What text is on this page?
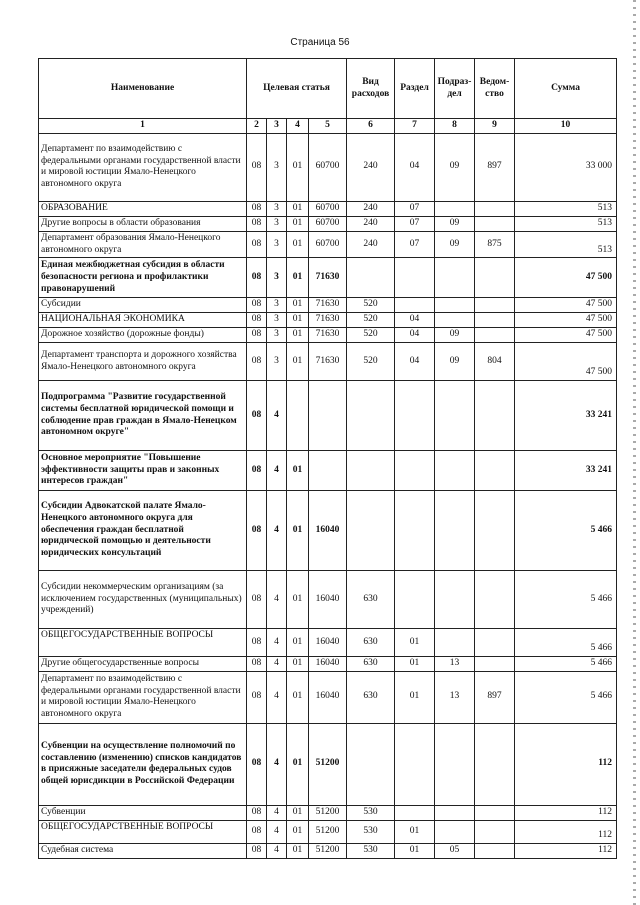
Страница 56
Наименование	Целевая статья				Вид расходов	Раздел	Подраз-дел	Ведом-ство	Сумма
1	2	3	4	5	6	7	8	9	10
Департамент по взаимодействию с федеральными органами государственной власти и мировой юстиции Ямало-Ненецкого автономного округа	08	3	01	60700	240	04	09	897	33 000
ОБРАЗОВАНИЕ	08	3	01	60700	240	07			513
Другие вопросы в области образования	08	3	01	60700	240	07	09		513
Департамент образования Ямало-Ненецкого автономного округа	08	3	01	60700	240	07	09	875	513
Единая межбюджетная субсидия в области безопасности региона и профилактики правонарушений	08	3	01	71630					47 500
Субсидии	08	3	01	71630	520				47 500
НАЦИОНАЛЬНАЯ ЭКОНОМИКА	08	3	01	71630	520	04			47 500
Дорожное хозяйство (дорожные фонды)	08	3	01	71630	520	04	09		47 500
Департамент транспорта и дорожного хозяйства Ямало-Ненецкого автономного округа	08	3	01	71630	520	04	09	804	47 500
Подпрограмма "Развитие государственной системы бесплатной юридической помощи и соблюдение прав граждан в Ямало-Ненецком автономном округе"	08	4							33 241
Основное мероприятие "Повышение эффективности защиты прав и законных интересов граждан"	08	4	01						33 241
Субсидии Адвокатской палате Ямало-Ненецкого автономного округа для обеспечения граждан бесплатной юридической помощью и деятельности юридических консультаций	08	4	01	16040					5 466
Субсидии некоммерческим организациям (за исключением государственных (муниципальных) учреждений)	08	4	01	16040	630				5 466
ОБЩЕГОСУДАРСТВЕННЫЕ ВОПРОСЫ	08	4	01	16040	630	01			5 466
Другие общегосударственные вопросы	08	4	01	16040	630	01	13		5 466
Департамент по взаимодействию с федеральными органами государственной власти и мировой юстиции Ямало-Ненецкого автономного округа	08	4	01	16040	630	01	13	897	5 466
Субвенции на осуществление полномочий по составлению (изменению) списков кандидатов в присяжные заседатели федеральных судов общей юрисдикции в Российской Федерации	08	4	01	51200					112
Субвенции	08	4	01	51200	530				112
ОБЩЕГОСУДАРСТВЕННЫЕ ВОПРОСЫ	08	4	01	51200	530	01			112
Судебная система	08	4	01	51200	530	01	05		112
